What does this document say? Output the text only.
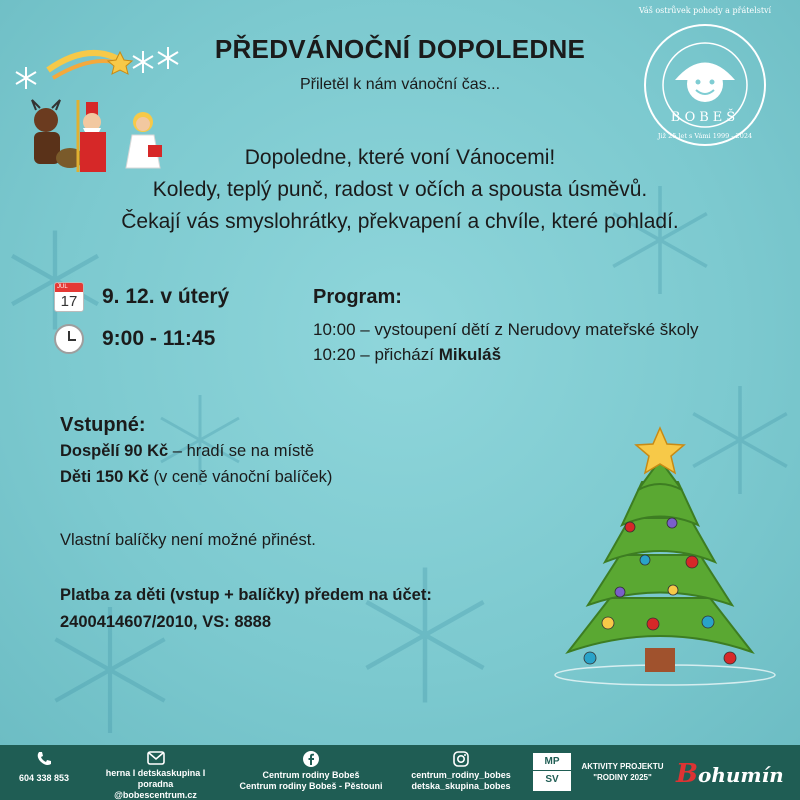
PŘEDVÁNOČNÍ DOPOLEDNE
Přiletěl k nám vánoční čas...
BOBEŠ
Váš ostrůvek pohody a přátelství
Již 25 let s Vámi 1999 - 2024
Dopoledne, které voní Vánocemi!
Koledy, teplý punč, radost v očích a spousta úsměvů.
Čekají vás smyslohrátky, překvapení a chvíle, které pohladí.
JUL
17 9. 12. v úterý
9:00 - 11:45
Program:
10:00 – vystoupení dětí z Nerudovy mateřské školy
10:20 – přichází Mikuláš
Vstupné:
Dospělí 90 Kč – hradí se na místě
Děti 150 Kč (v ceně vánoční balíček)
Vlastní balíčky není možné přinést.
Platba za děti (vstup + balíčky) předem na účet:
2400414607/2010, VS: 8888
604 338 853	herna I detskaskupina I poradna
@bobescentrum.cz
Centrum rodiny Bobeš
Centrum rodiny Bobeš - Pěstouni
centrum_rodiny_bobes
detska_skupina_bobes
MP
SV
AKTIVITY PROJEKTU
"RODINY 2025" Bohumín
